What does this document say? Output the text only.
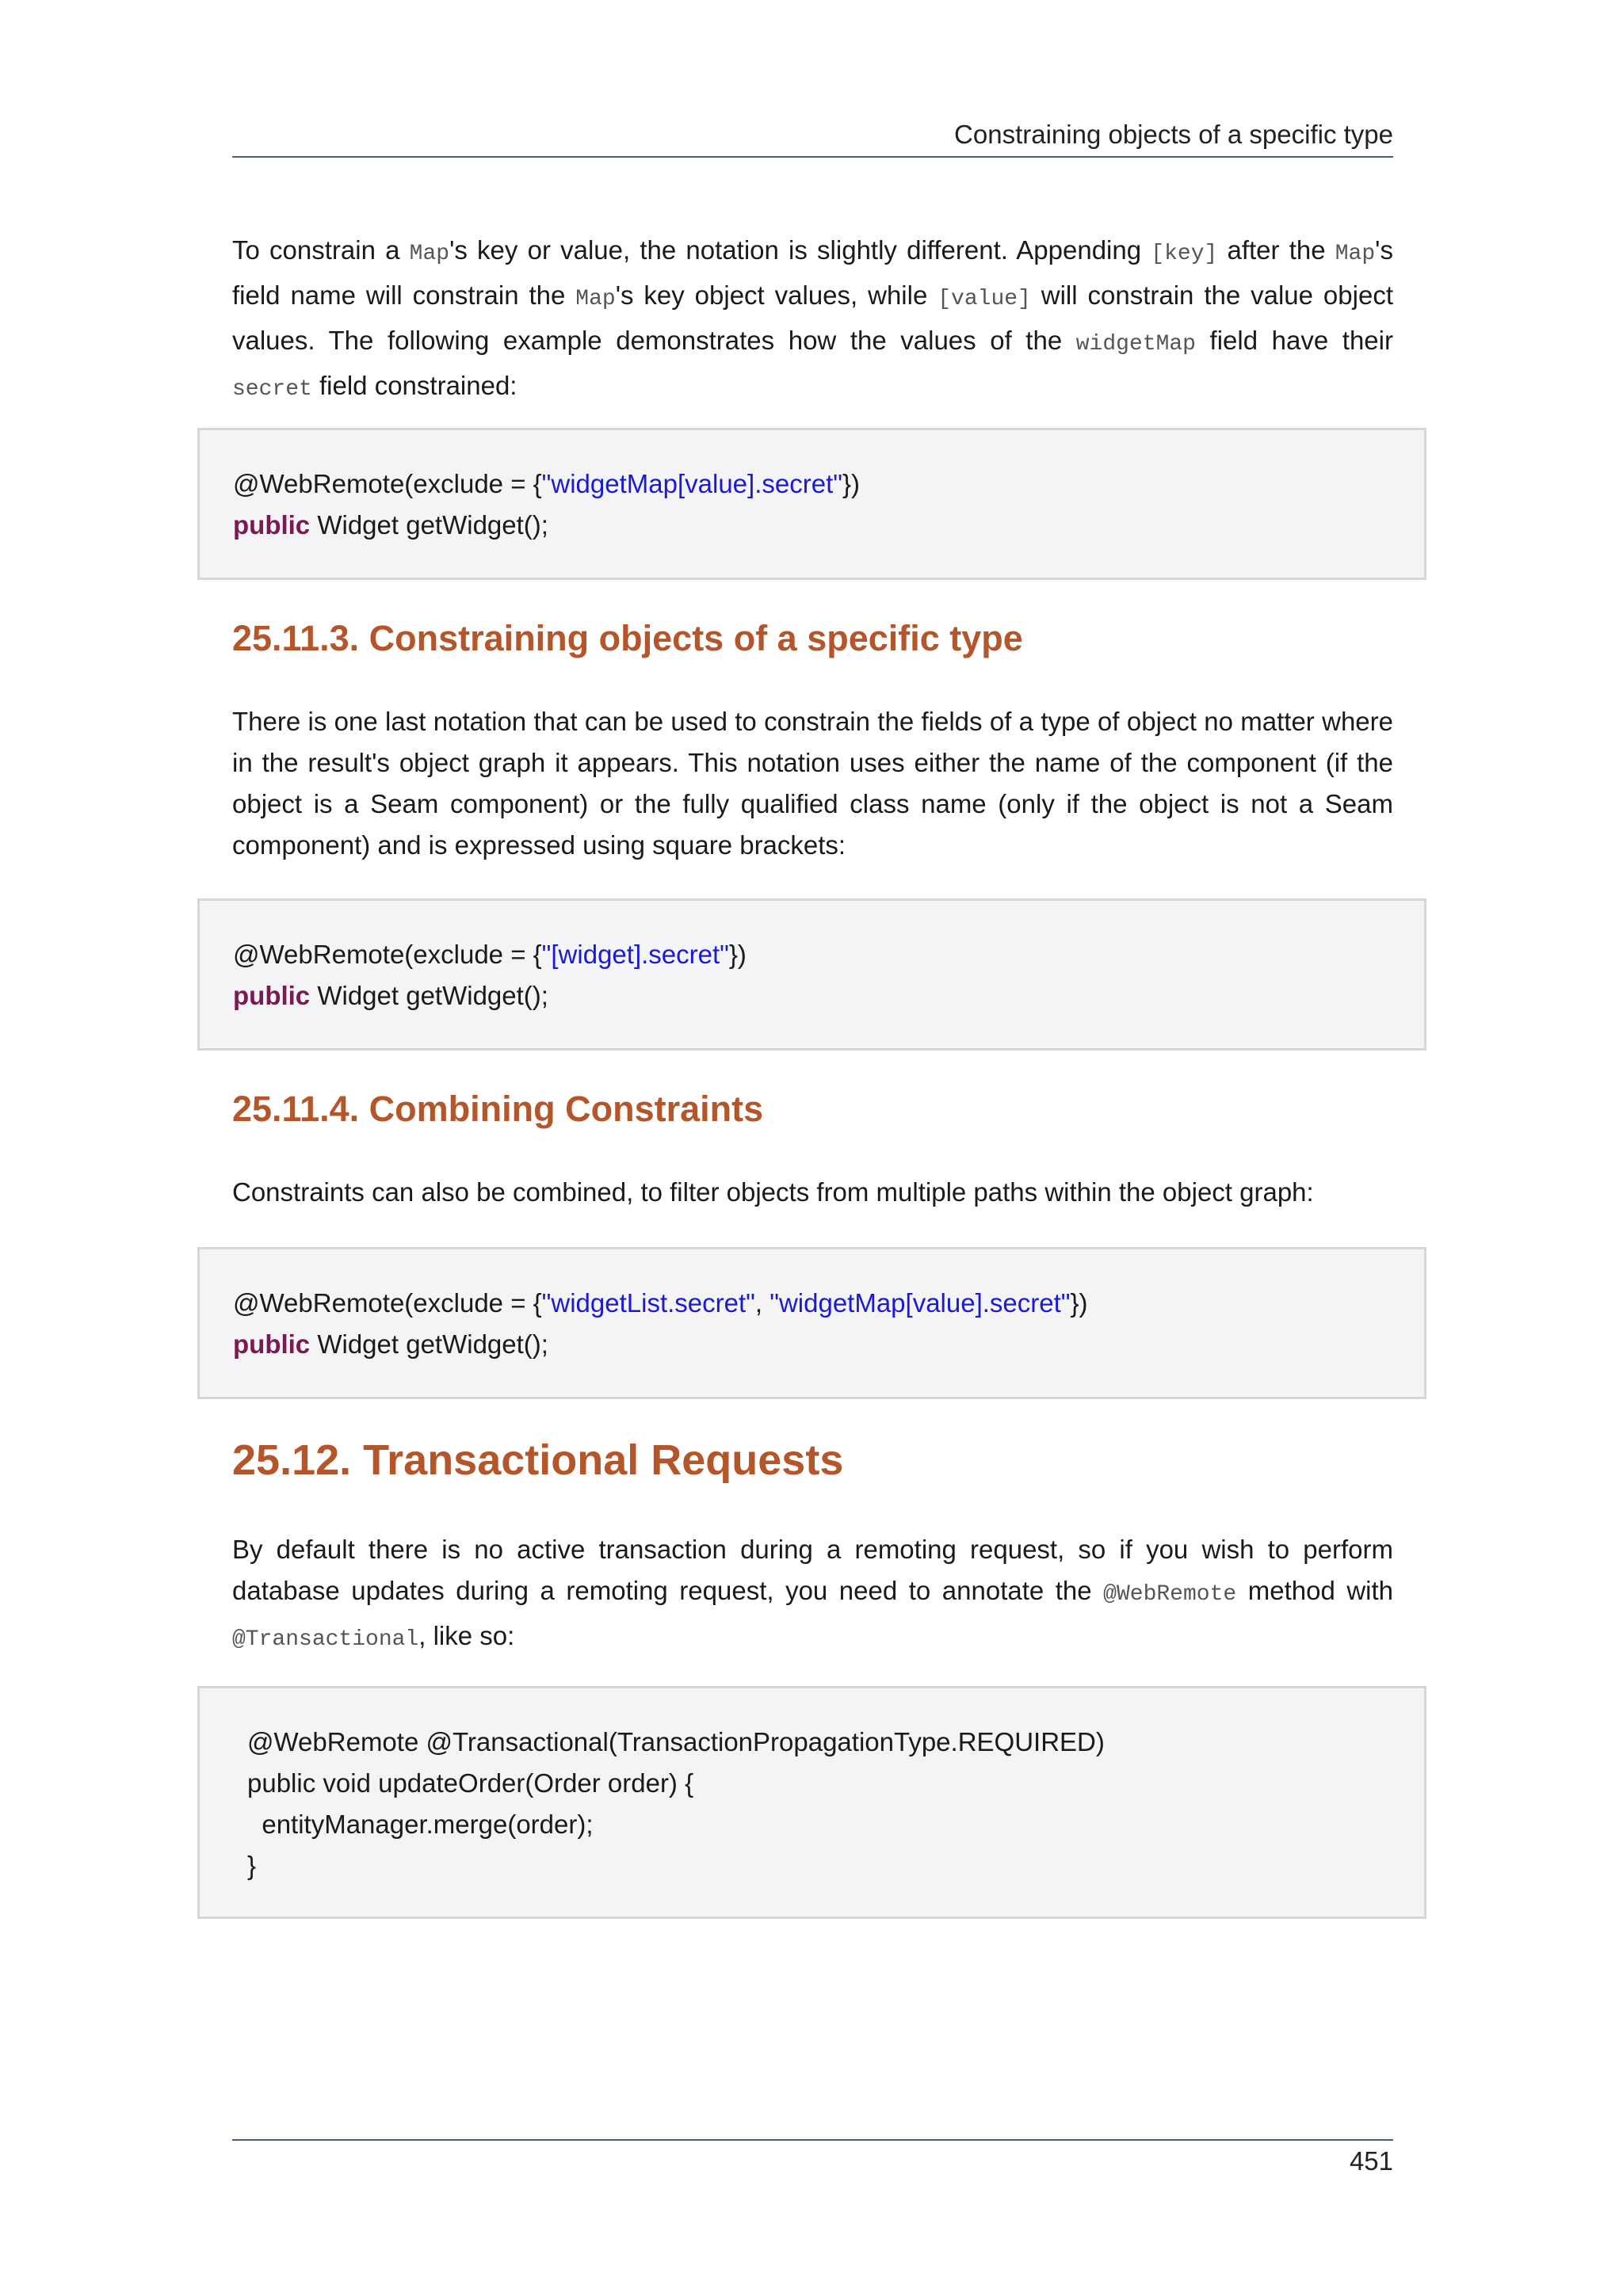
Constraining objects of a specific type

To constrain a Map's key or value, the notation is slightly different. Appending [key] after the Map's field name will constrain the Map's key object values, while [value] will constrain the value object values. The following example demonstrates how the values of the widgetMap field have their secret field constrained:

@WebRemote(exclude = {"widgetMap[value].secret"})
public Widget getWidget();
25.11.3. Constraining objects of a specific type

There is one last notation that can be used to constrain the fields of a type of object no matter where in the result's object graph it appears. This notation uses either the name of the component (if the object is a Seam component) or the fully qualified class name (only if the object is not a Seam component) and is expressed using square brackets:

@WebRemote(exclude = {"[widget].secret"})
public Widget getWidget();
25.11.4. Combining Constraints

Constraints can also be combined, to filter objects from multiple paths within the object graph:

@WebRemote(exclude = {"widgetList.secret", "widgetMap[value].secret"})
public Widget getWidget();
25.12. Transactional Requests

By default there is no active transaction during a remoting request, so if you wish to perform database updates during a remoting request, you need to annotate the @WebRemote method with @Transactional, like so:

@WebRemote @Transactional(TransactionPropagationType.REQUIRED)
public void updateOrder(Order order) {
entityManager.merge(order);
}
451
